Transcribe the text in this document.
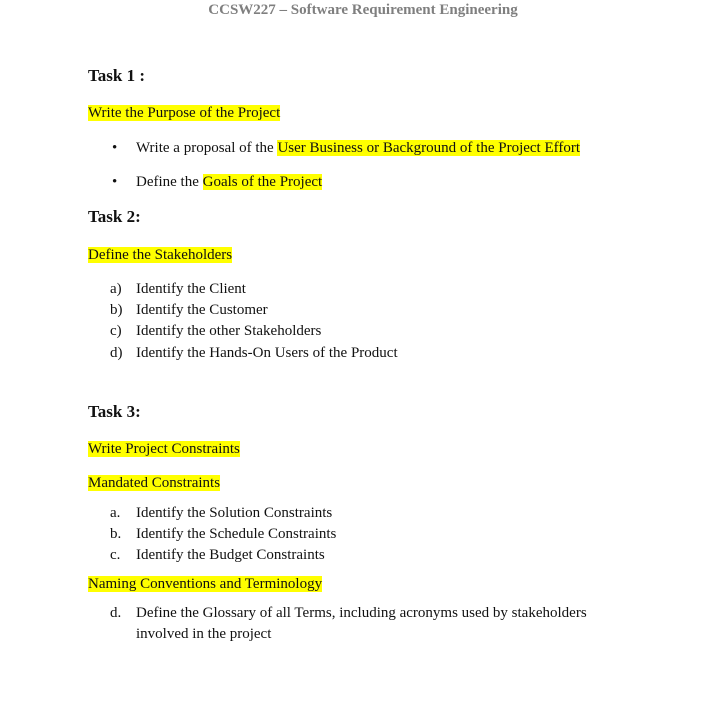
CCSW227 – Software Requirement Engineering
Task 1 :
Write the Purpose of the Project
• Write a proposal of the User Business or Background of the Project Effort
• Define the Goals of the Project
Task 2:
Define the Stakeholders
a) Identify the Client
b) Identify the Customer
c) Identify the other Stakeholders
d) Identify the Hands-On Users of the Product
Task 3:
Write Project Constraints
Mandated Constraints
a. Identify the Solution Constraints
b. Identify the Schedule Constraints
c. Identify the Budget Constraints
Naming Conventions and Terminology
d. Define the Glossary of all Terms, including acronyms used by stakeholders
involved in the project
